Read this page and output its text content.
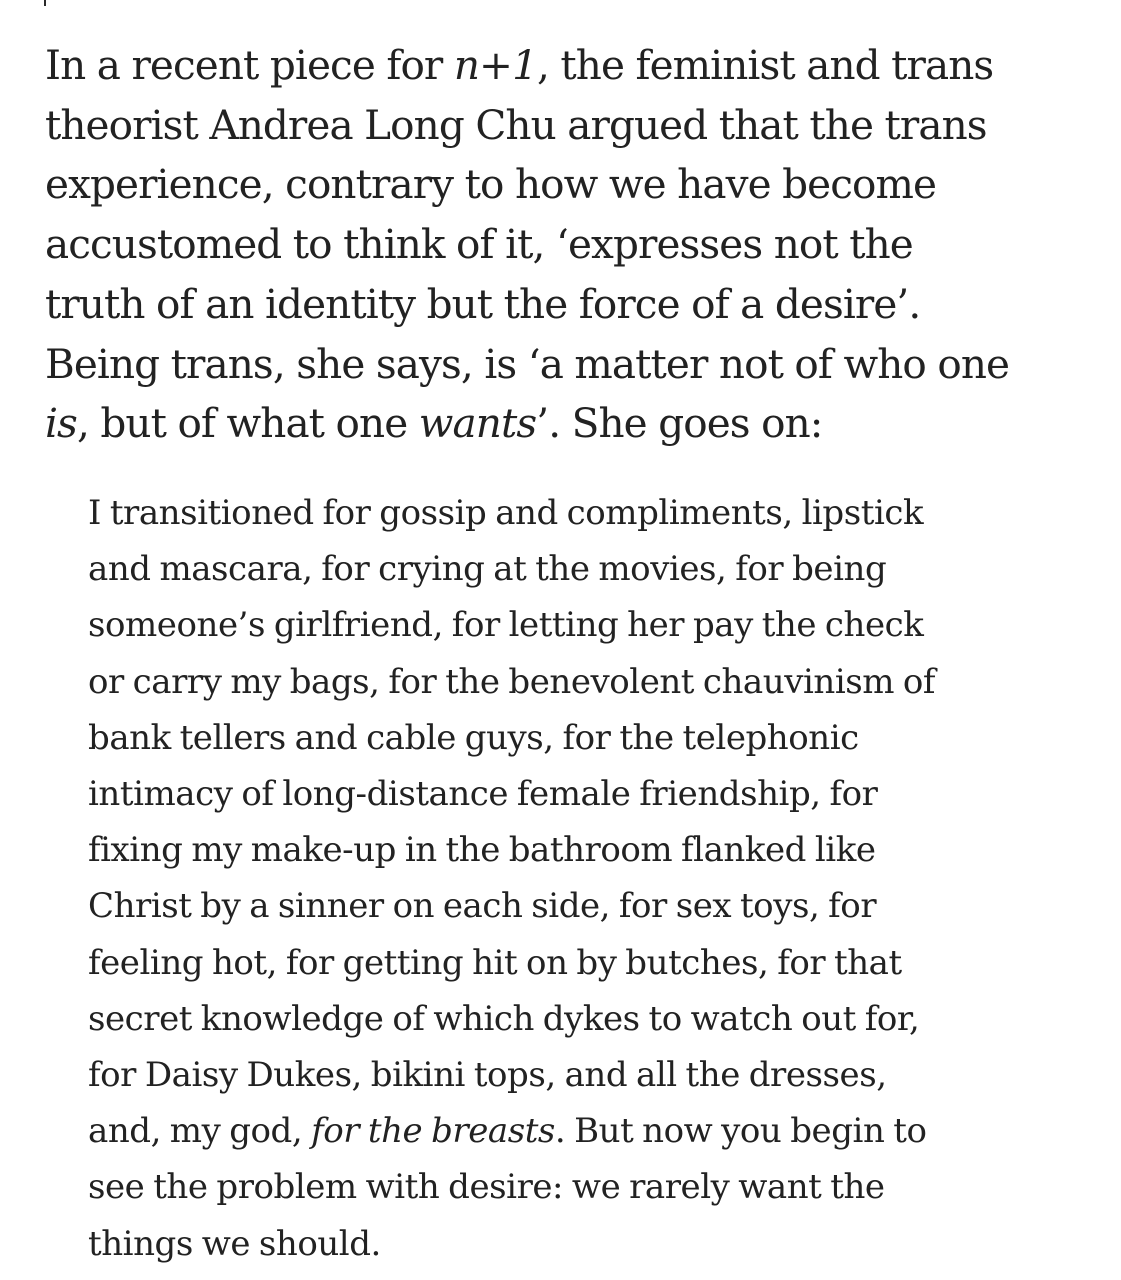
In a recent piece for n+1, the feminist and trans
theorist Andrea Long Chu argued that the trans
experience, contrary to how we have become
accustomed to think of it, ‘expresses not the
truth of an identity but the force of a desire’.
Being trans, she says, is ‘a matter not of who one
is, but of what one wants’. She goes on:

I transitioned for gossip and compliments, lipstick
and mascara, for crying at the movies, for being
someone’s girlfriend, for letting her pay the check
or carry my bags, for the benevolent chauvinism of
bank tellers and cable guys, for the telephonic
intimacy of long-distance female friendship, for
fixing my make-up in the bathroom flanked like
Christ by a sinner on each side, for sex toys, for
feeling hot, for getting hit on by butches, for that
secret knowledge of which dykes to watch out for,
for Daisy Dukes, bikini tops, and all the dresses,
and, my god, for the breasts. But now you begin to
see the problem with desire: we rarely want the
things we should.
